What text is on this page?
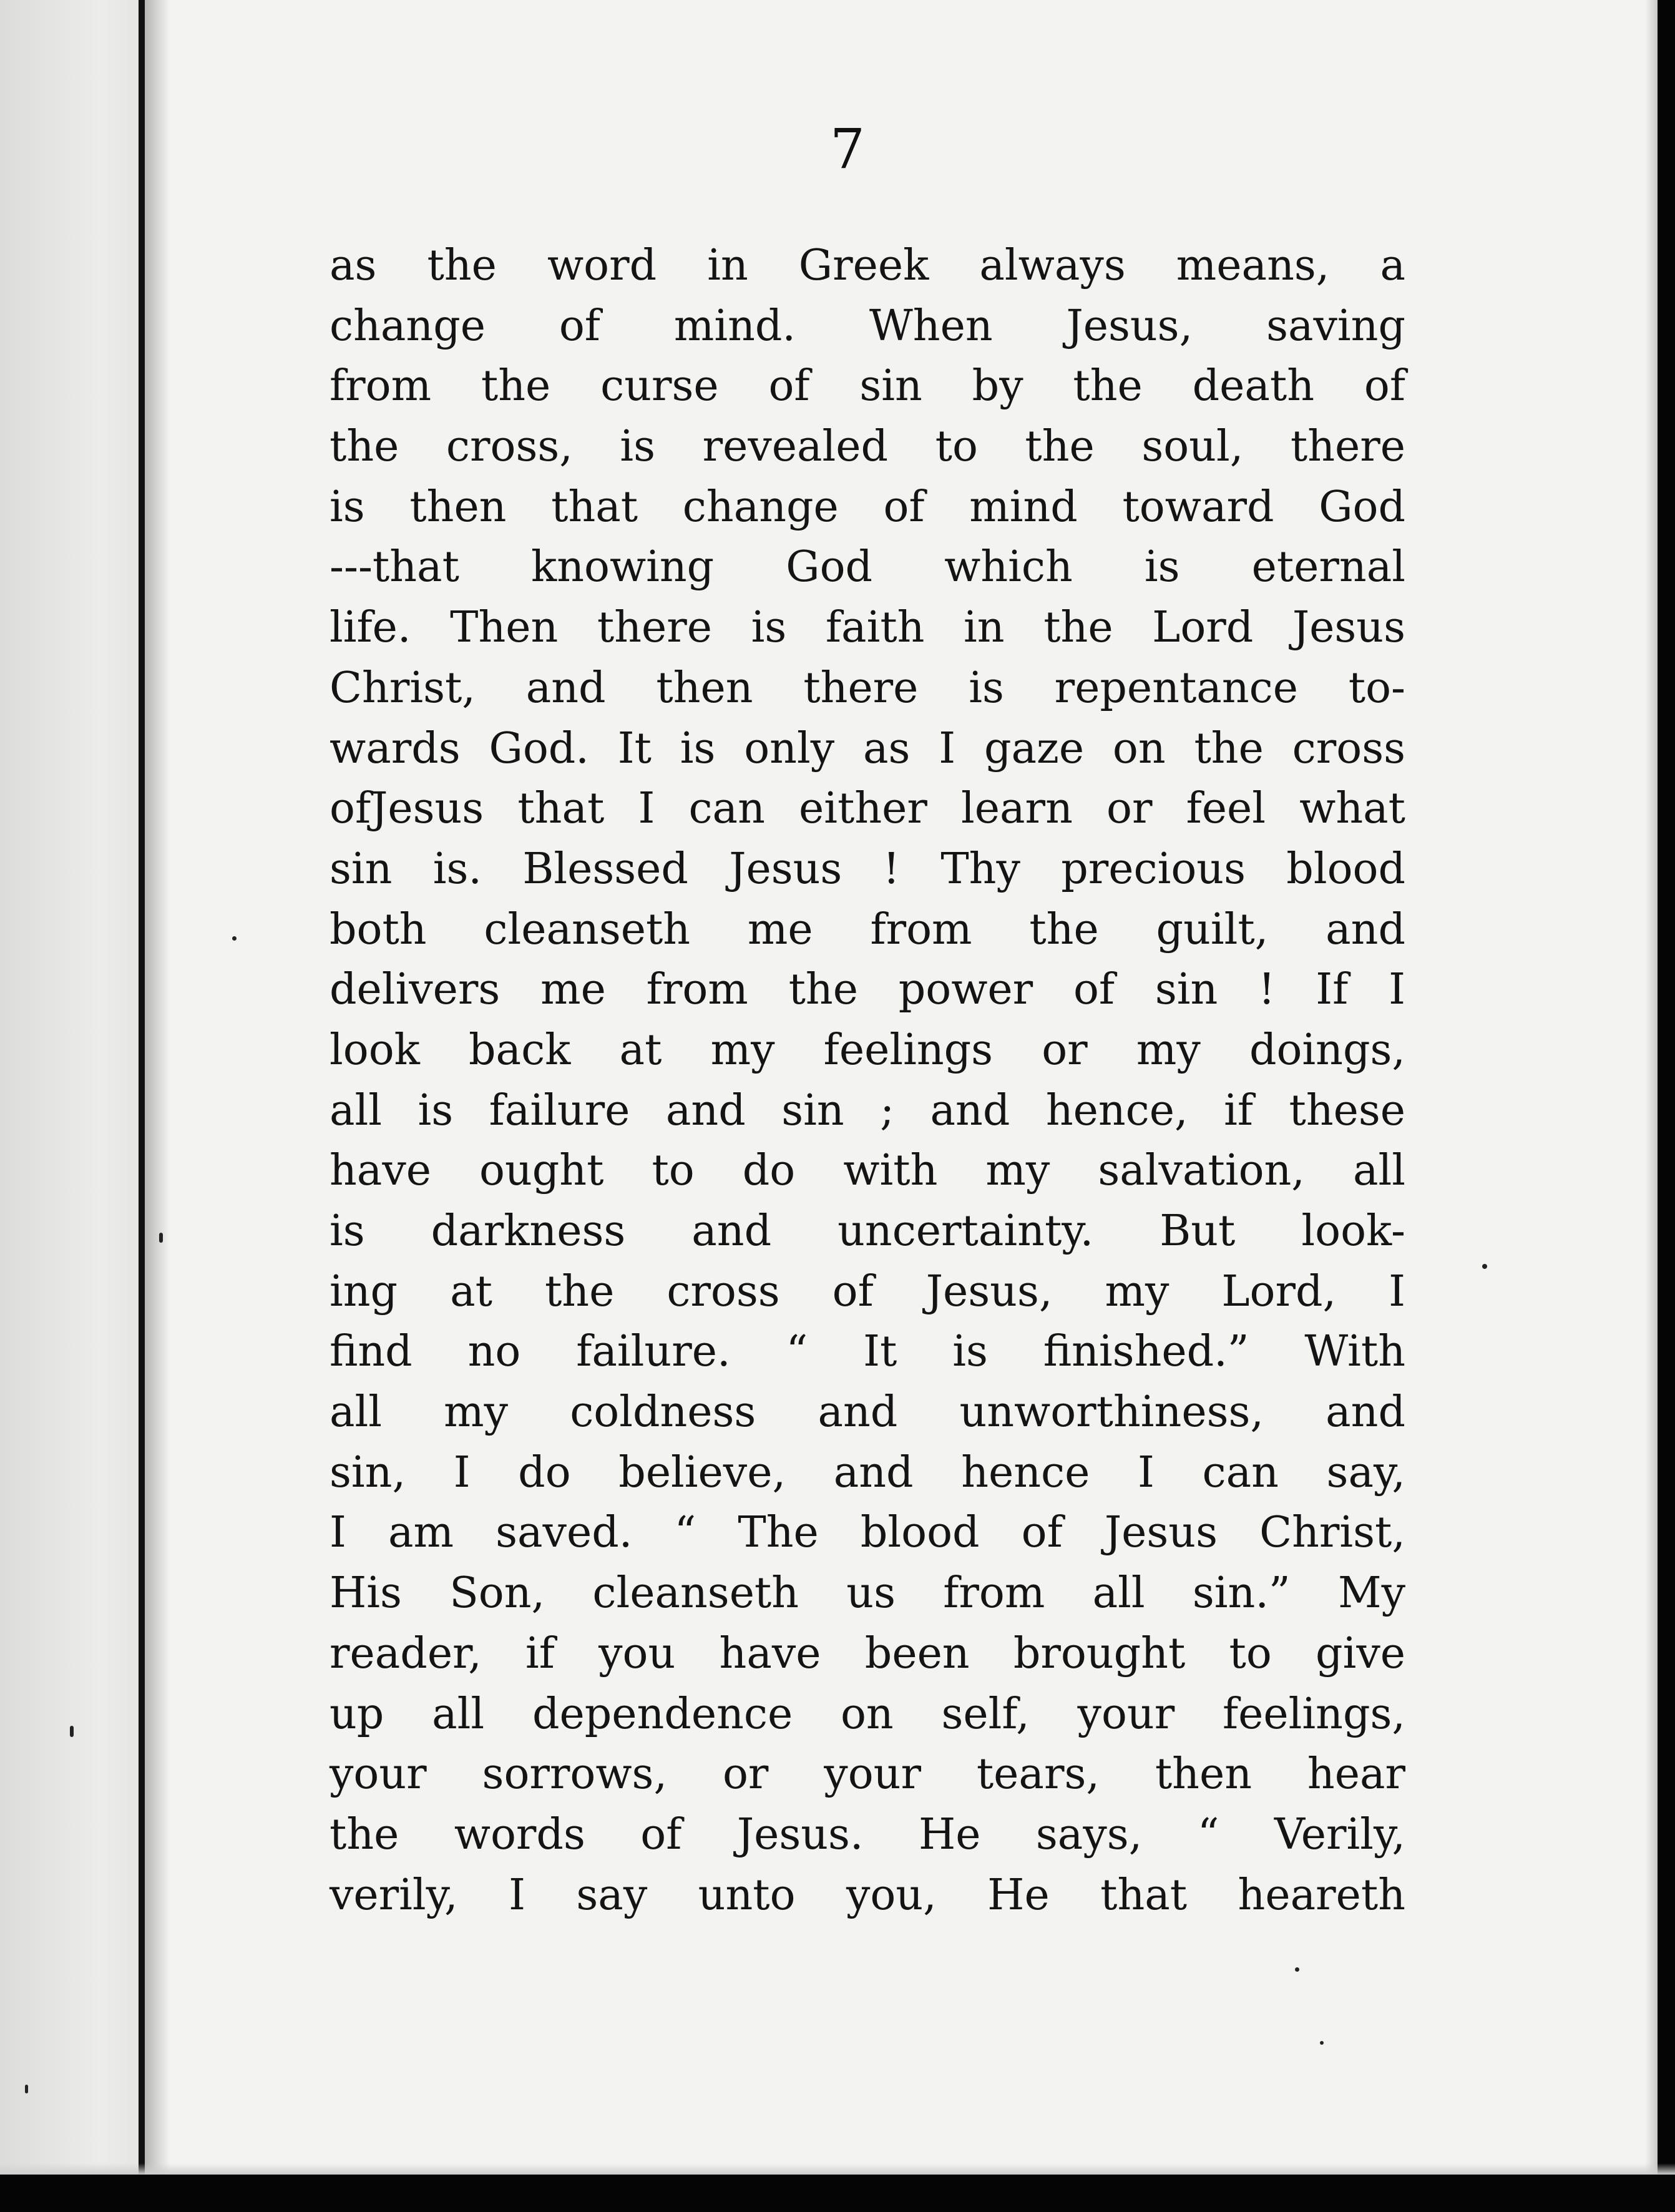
7
as the word in Greek always means, a
change of mind. When Jesus, saving
from the curse of sin by the death of
the cross, is revealed to the soul, there
is then that change of mind toward God
---that knowing God which is eternal
life. Then there is faith in the Lord Jesus
Christ, and then there is repentance to-
wards God. It is only as I gaze on the cross
ofJesus that I can either learn or feel what
sin is. Blessed Jesus ! Thy precious blood
both cleanseth me from the guilt, and
delivers me from the power of sin ! If I
look back at my feelings or my doings,
all is failure and sin ; and hence, if these
have ought to do with my salvation, all
is darkness and uncertainty. But look-
ing at the cross of Jesus, my Lord, I
find no failure. “ It is finished.” With
all my coldness and unworthiness, and
sin, I do believe, and hence I can say,
I am saved. “ The blood of Jesus Christ,
His Son, cleanseth us from all sin.” My
reader, if you have been brought to give
up all dependence on self, your feelings,
your sorrows, or your tears, then hear
the words of Jesus. He says, “ Verily,
verily, I say unto you, He that heareth
